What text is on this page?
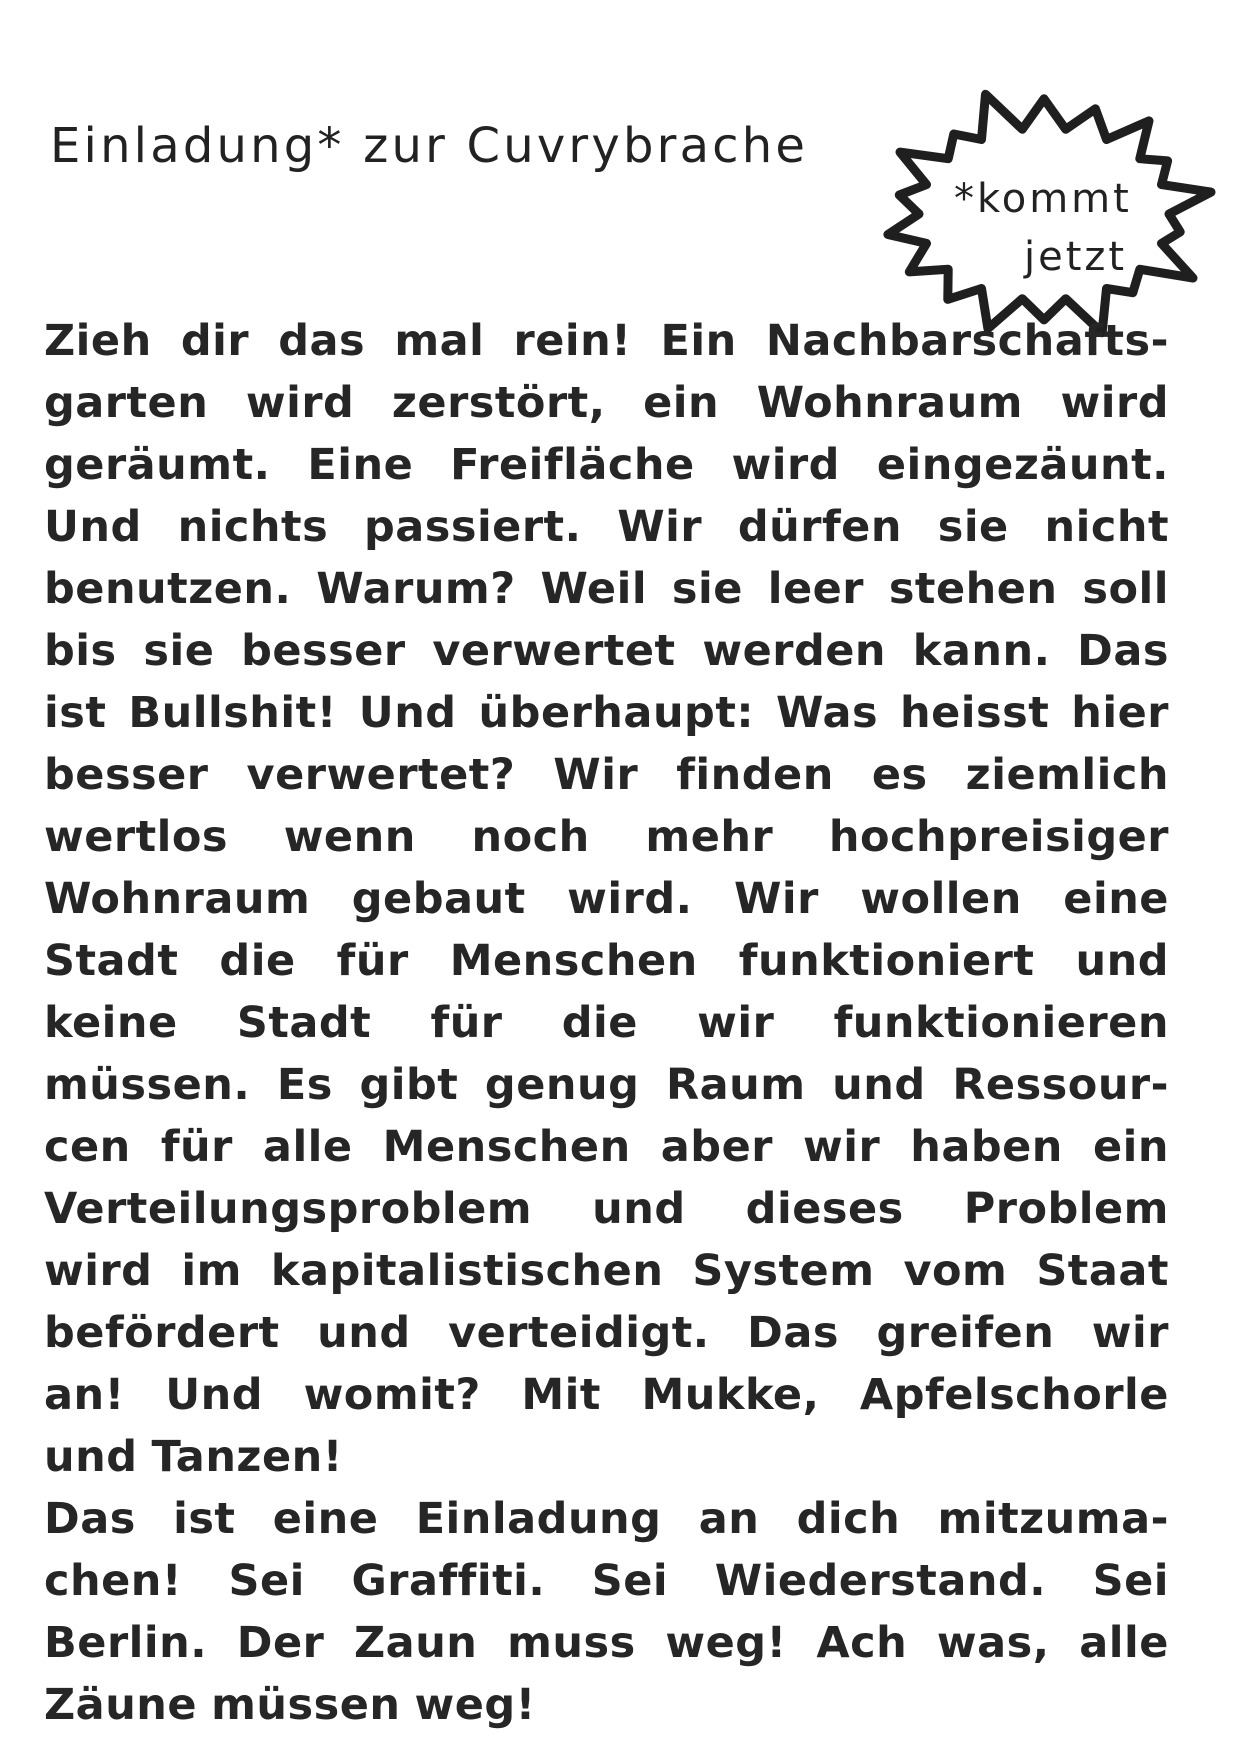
Einladung* zur Cuvrybrache
*kommt
jetzt
Zieh dir das mal rein! Ein Nachbarschafts-
garten wird zerstört, ein Wohnraum wird
geräumt. Eine Freifläche wird eingezäunt.
Und nichts passiert. Wir dürfen sie nicht
benutzen. Warum? Weil sie leer stehen soll
bis sie besser verwertet werden kann. Das
ist Bullshit! Und überhaupt: Was heisst hier
besser verwertet? Wir finden es ziemlich
wertlos wenn noch mehr hochpreisiger
Wohnraum gebaut wird. Wir wollen eine
Stadt die für Menschen funktioniert und
keine Stadt für die wir funktionieren
müssen. Es gibt genug Raum und Ressour-
cen für alle Menschen aber wir haben ein
Verteilungsproblem und dieses Problem
wird im kapitalistischen System vom Staat
befördert und verteidigt. Das greifen wir
an! Und womit? Mit Mukke, Apfelschorle
und Tanzen!
Das ist eine Einladung an dich mitzuma-
chen! Sei Graffiti. Sei Wiederstand. Sei
Berlin. Der Zaun muss weg! Ach was, alle
Zäune müssen weg!
